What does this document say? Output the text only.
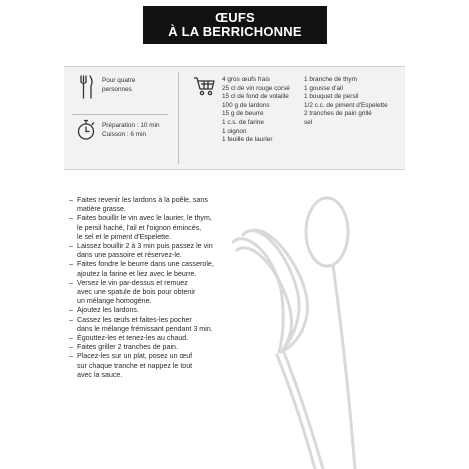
ŒUFS
À LA BERRICHONNE
Pour quatre
personnes
Préparation : 10 min
Cuisson : 6 min
4 gros œufs frais
25 cl de vin rouge corsé
15 cl de fond de volaille
100 g de lardons
15 g de beurre
1 c.s. de farine
1 oignon
1 feuille de laurier
1 branche de thym
1 gousse d'ail
1 bouquet de persil
1/2 c.c. de piment d'Espelette
2 tranches de pain grillé
sel
– Faites revenir les lardons à la poêle, sans
matière grasse.
– Faites bouillir le vin avec le laurier, le thym,
le persil haché, l'ail et l'oignon émincés,
le sel et le piment d'Espelette.
– Laissez bouillir 2 à 3 min puis passez le vin
dans une passoire et réservez-le.
– Faites fondre le beurre dans une casserole,
ajoutez la farine et liez avec le beurre.
– Versez le vin par-dessus et remuez
avec une spatule de bois pour obtenir
un mélange homogène.
– Ajoutez les lardons.
– Cassez les œufs et faites-les pocher
dans le mélange frémissant pendant 3 min.
– Égouttez-les et tenez-les au chaud.
– Faites griller 2 tranches de pain.
– Placez-les sur un plat, posez un œuf
sur chaque tranche et nappez le tout
avec la sauce.
